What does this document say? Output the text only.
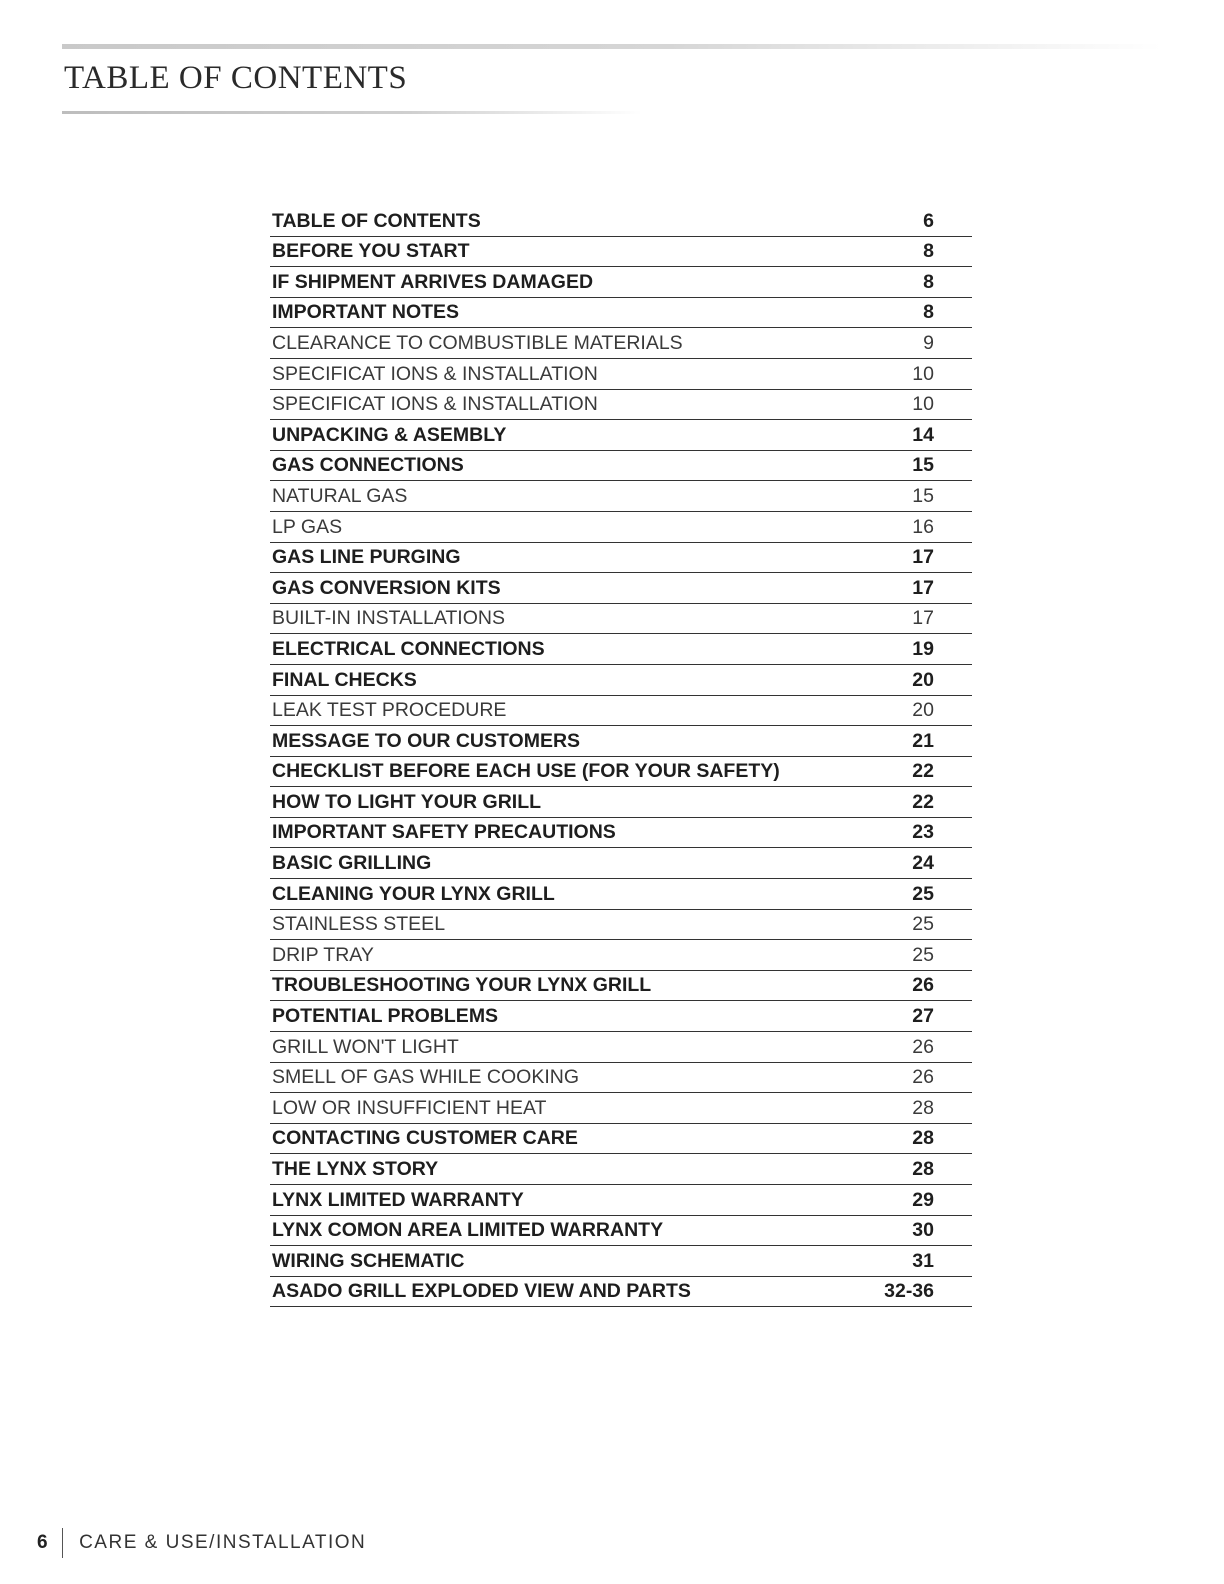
TABLE OF CONTENTS
TABLE OF CONTENTS	6
BEFORE YOU START	8
IF SHIPMENT ARRIVES DAMAGED	8
IMPORTANT NOTES	8
CLEARANCE TO COMBUSTIBLE MATERIALS	9
SPECIFICAT IONS & INSTALLATION	10
SPECIFICAT IONS & INSTALLATION	10
UNPACKING & ASEMBLY	14
GAS CONNECTIONS	15
NATURAL GAS	15
LP GAS	16
GAS LINE PURGING	17
GAS CONVERSION KITS	17
BUILT-IN INSTALLATIONS	17
ELECTRICAL CONNECTIONS	19
FINAL CHECKS	20
LEAK TEST PROCEDURE	20
MESSAGE TO OUR CUSTOMERS	21
CHECKLIST BEFORE EACH USE (FOR YOUR SAFETY)	22
HOW TO LIGHT YOUR GRILL	22
IMPORTANT SAFETY PRECAUTIONS	23
BASIC GRILLING	24
CLEANING YOUR LYNX GRILL	25
STAINLESS STEEL	25
DRIP TRAY	25
TROUBLESHOOTING YOUR LYNX GRILL	26
POTENTIAL PROBLEMS	27
GRILL WON'T LIGHT	26
SMELL OF GAS WHILE COOKING	26
LOW OR INSUFFICIENT HEAT	28
CONTACTING CUSTOMER CARE	28
THE LYNX STORY	28
LYNX LIMITED WARRANTY	29
LYNX COMON AREA LIMITED WARRANTY	30
WIRING SCHEMATIC	31
ASADO GRILL EXPLODED VIEW AND PARTS	32-36
6 CARE & USE/INSTALLATION
